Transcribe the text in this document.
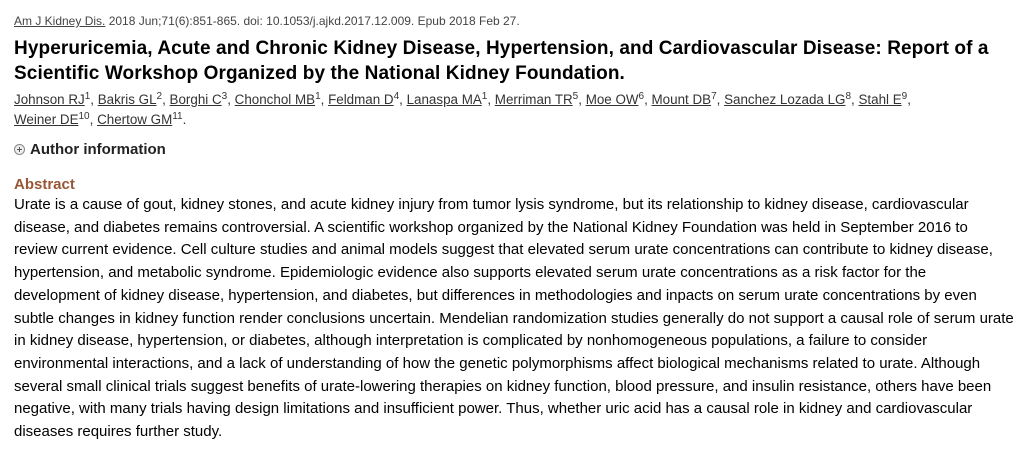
Am J Kidney Dis. 2018 Jun;71(6):851-865. doi: 10.1053/j.ajkd.2017.12.009. Epub 2018 Feb 27.
Hyperuricemia, Acute and Chronic Kidney Disease, Hypertension, and Cardiovascular Disease: Report of a Scientific Workshop Organized by the National Kidney Foundation.
Johnson $RJ^1$, Bakris $GL^2$, Borghi $C^3$, Chonchol $MB^1$, Feldman $D^4$, Lanaspa $MA^1$, Merriman $TR^5$, Moe $OW^6$, Mount $DB^7$, Sanchez Lozada $LG^8$, Stahl $E^9$,
Weiner DE$^{10}$, Chertow GM$^{11}$.
Author information
Abstract

Urate is a cause of gout, kidney stones, and acute kidney injury from tumor lysis syndrome, but its relationship to kidney disease, cardiovascular disease, and diabetes remains controversial. A scientific workshop organized by the National Kidney Foundation was held in September 2016 to review current evidence. Cell culture studies and animal models suggest that elevated serum urate concentrations can contribute to kidney disease, hypertension, and metabolic syndrome. Epidemiologic evidence also supports elevated serum urate concentrations as a risk factor for the development of kidney disease, hypertension, and diabetes, but differences in methodologies and inpacts on serum urate concentrations by even subtle changes in kidney function render conclusions uncertain. Mendelian randomization studies generally do not support a causal role of serum urate in kidney disease, hypertension, or diabetes, although interpretation is complicated by nonhomogeneous populations, a failure to consider environmental interactions, and a lack of understanding of how the genetic polymorphisms affect biological mechanisms related to urate. Although several small clinical trials suggest benefits of urate-lowering therapies on kidney function, blood pressure, and insulin resistance, others have been negative, with many trials having design limitations and insufficient power. Thus, whether uric acid has a causal role in kidney and cardiovascular diseases requires further study.
